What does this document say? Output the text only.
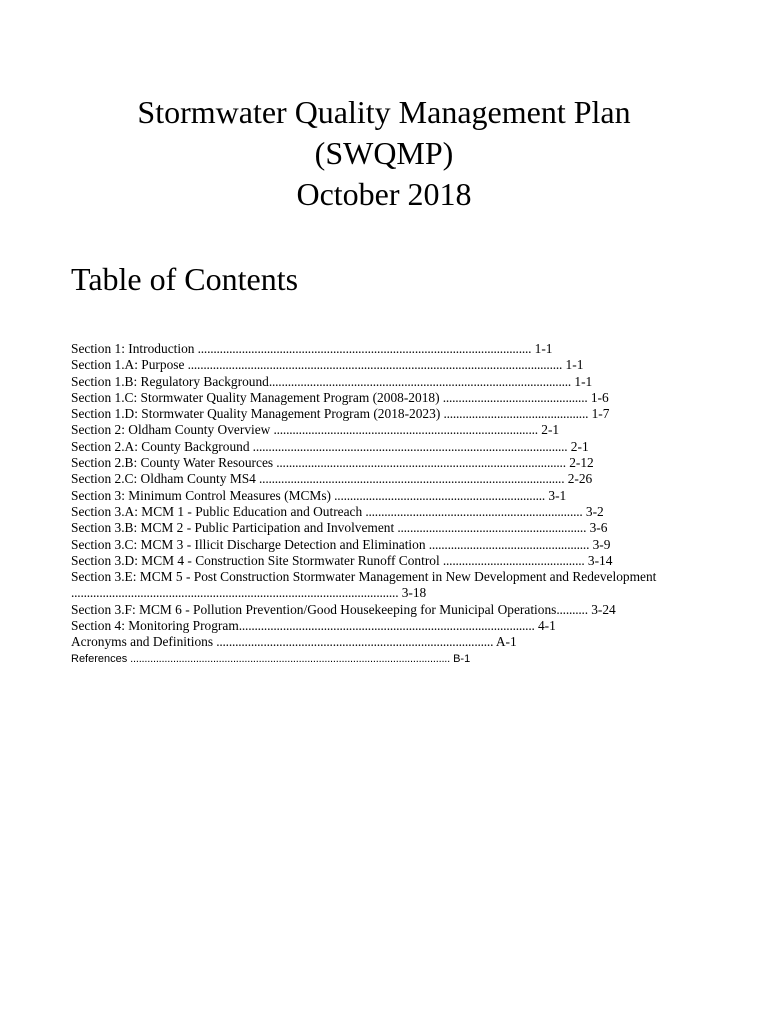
Stormwater Quality Management Plan
(SWQMP)
October 2018
Table of Contents
Section 1: Introduction .......................................................................................................... 1-1
Section 1.A: Purpose ....................................................................................................................... 1-1
Section 1.B: Regulatory Background................................................................................................ 1-1
Section 1.C: Stormwater Quality Management Program (2008-2018) .............................................. 1-6
Section 1.D: Stormwater Quality Management Program (2018-2023) .............................................. 1-7
Section 2: Oldham County Overview .................................................................................... 2-1
Section 2.A: County Background .................................................................................................... 2-1
Section 2.B: County Water Resources ............................................................................................ 2-12
Section 2.C: Oldham County MS4 ................................................................................................. 2-26
Section 3: Minimum Control Measures (MCMs) ................................................................... 3-1
Section 3.A: MCM 1 - Public Education and Outreach ..................................................................... 3-2
Section 3.B: MCM 2 - Public Participation and Involvement ............................................................ 3-6
Section 3.C: MCM 3 - Illicit Discharge Detection and Elimination ................................................... 3-9
Section 3.D: MCM 4 - Construction Site Stormwater Runoff Control ............................................. 3-14
Section 3.E: MCM 5 - Post Construction Stormwater Management in New Development and Redevelopment
........................................................................................................ 3-18
Section 3.F: MCM 6 - Pollution Prevention/Good Housekeeping for Municipal Operations.......... 3-24
Section 4: Monitoring Program.............................................................................................. 4-1
Acronyms and Definitions ........................................................................................ A-1
References ................................................................................................................ B-1
